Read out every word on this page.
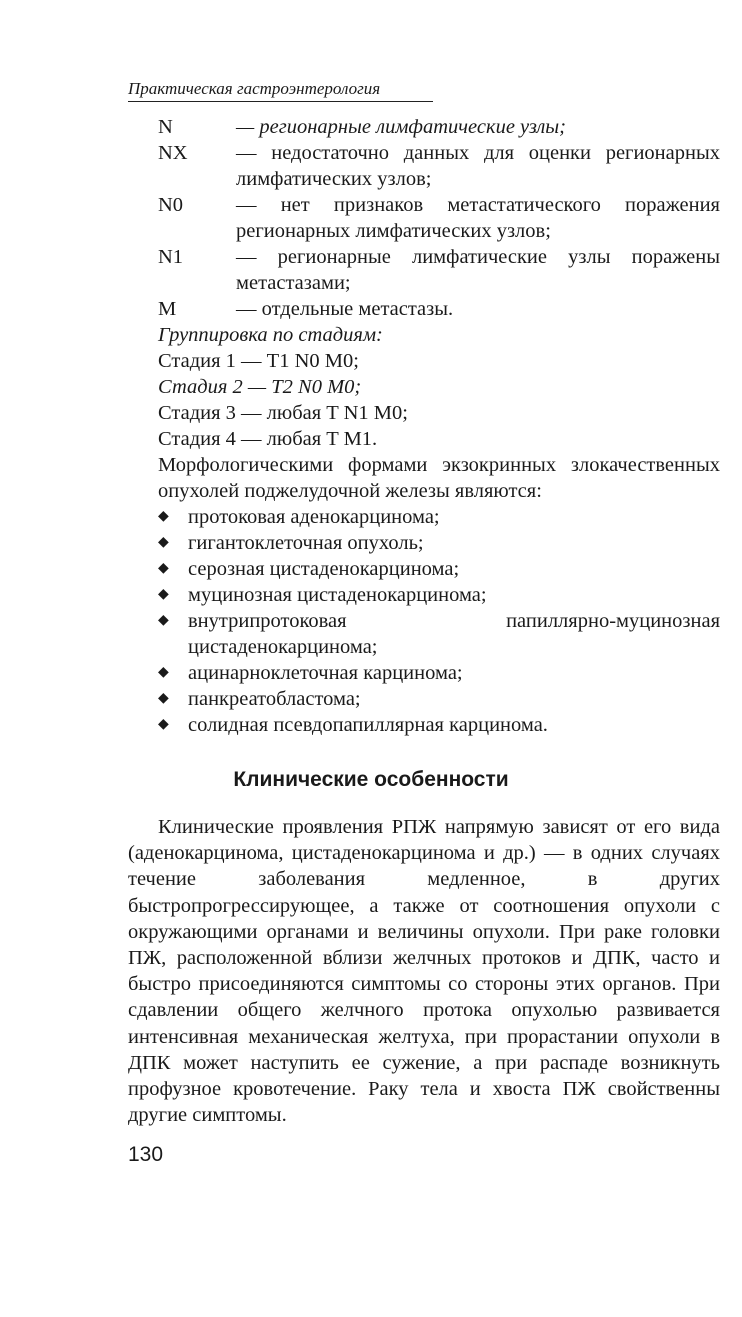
Практическая гастроэнтерология
N	— регионарные лимфатические узлы;
NX	— недостаточно данных для оценки регионарных лимфатических узлов;
N0	— нет признаков метастатического поражения регионарных лимфатических узлов;
N1	— регионарные лимфатические узлы поражены метастазами;
M	— отдельные метастазы.
Группировка по стадиям:
Стадия 1 — T1 N0 M0;
Стадия 2 — T2 N0 M0;
Стадия 3 — любая T N1 M0;
Стадия 4 — любая T M1.
Морфологическими формами экзокринных злокачественных опухолей поджелудочной железы являются:
◆ протоковая аденокарцинома;
◆ гигантоклеточная опухоль;
◆ серозная цистаденокарцинома;
◆ муцинозная цистаденокарцинома;
◆ внутрипротоковая папиллярно-муцинозная цистаденокарцинома;
◆ ацинарноклеточная карцинома;
◆ панкреатобластома;
◆ солидная псевдопапиллярная карцинома.
Клинические особенности
Клинические проявления РПЖ напрямую зависят от его вида (аденокарцинома, цистаденокарцинома и др.) — в одних случаях течение заболевания медленное, в других быстропрогрессирующее, а также от соотношения опухоли с окружающими органами и величины опухоли. При раке головки ПЖ, расположенной вблизи желчных протоков и ДПК, часто и быстро присоединяются симптомы со стороны этих органов. При сдавлении общего желчного протока опухолью развивается интенсивная механическая желтуха, при прорастании опухоли в ДПК может наступить ее сужение, а при распаде возникнуть профузное кровотечение. Раку тела и хвоста ПЖ свойственны другие симптомы.
130
